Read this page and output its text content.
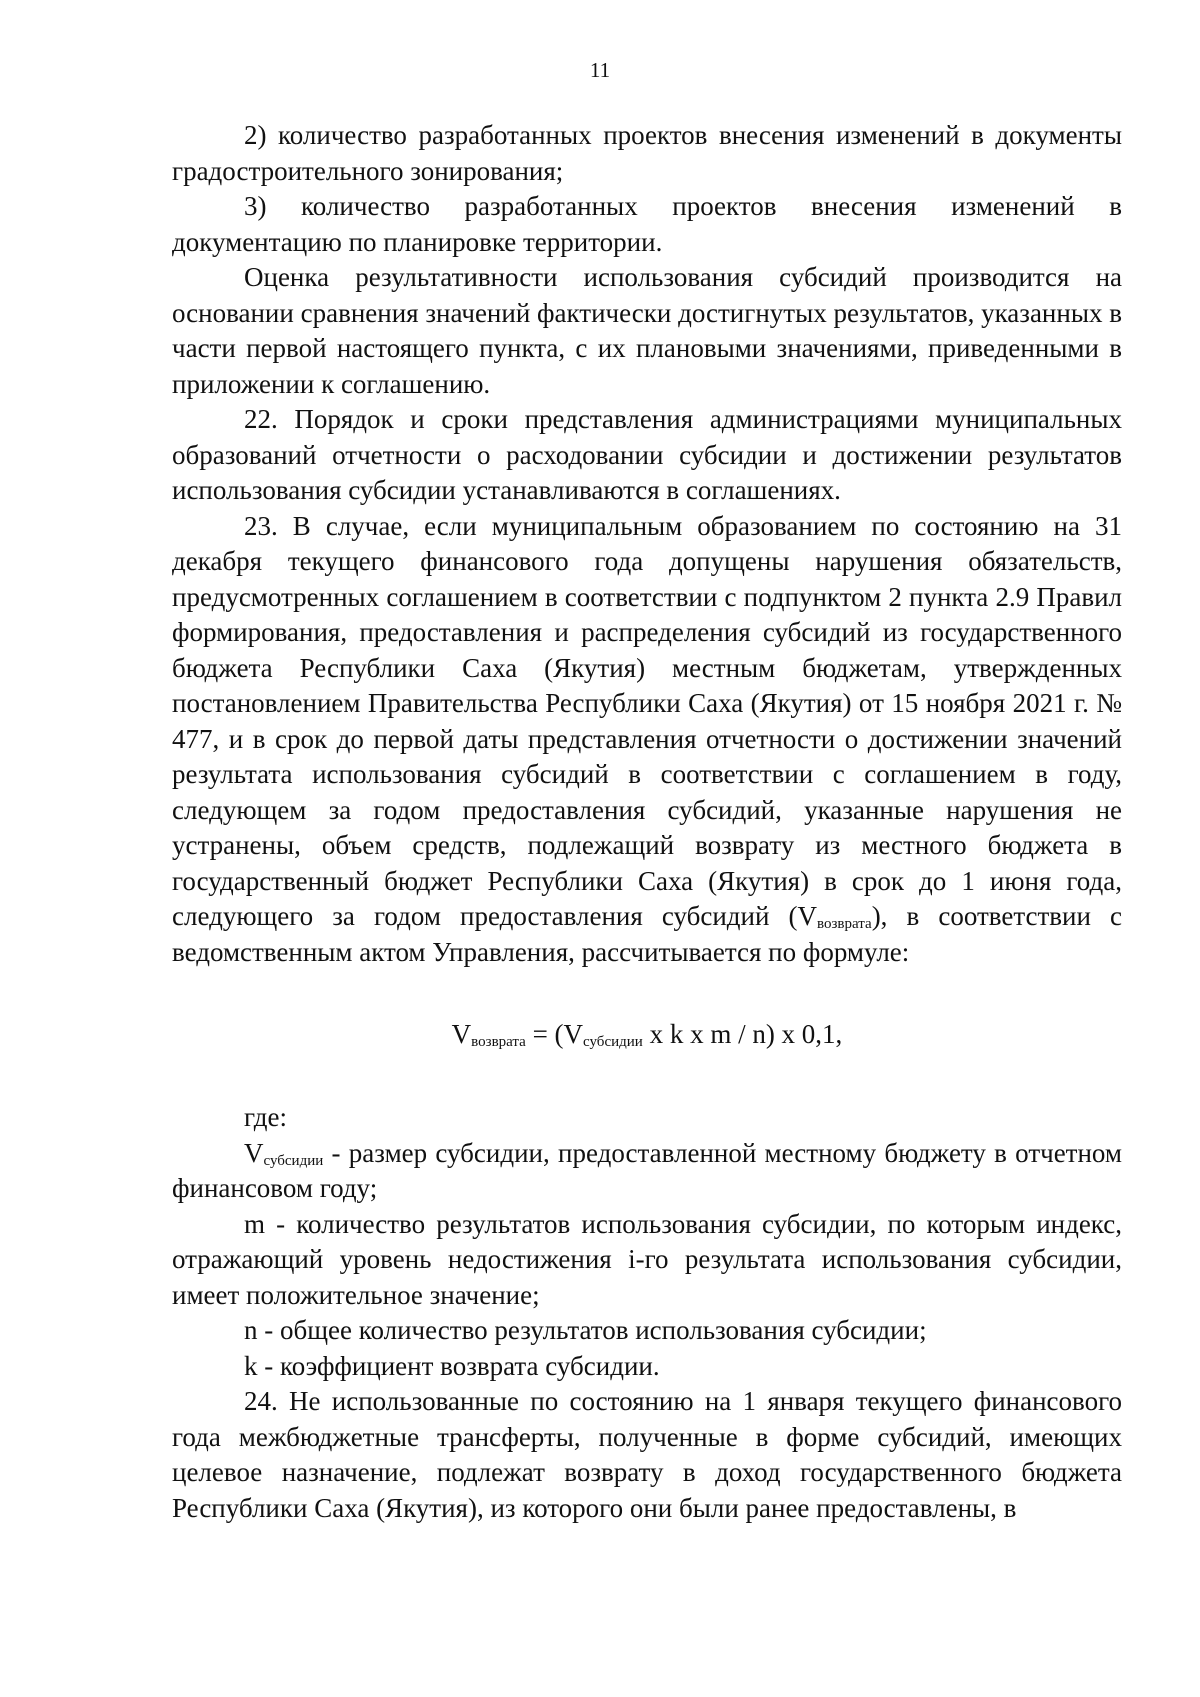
11

2) количество разработанных проектов внесения изменений в документы градостроительного зонирования;

3) количество разработанных проектов внесения изменений в документацию по планировке территории.

Оценка результативности использования субсидий производится на основании сравнения значений фактически достигнутых результатов, указанных в части первой настоящего пункта, с их плановыми значениями, приведенными в приложении к соглашению.

22. Порядок и сроки представления администрациями муниципальных образований отчетности о расходовании субсидии и достижении результатов использования субсидии устанавливаются в соглашениях.

23. В случае, если муниципальным образованием по состоянию на 31 декабря текущего финансового года допущены нарушения обязательств, предусмотренных соглашением в соответствии с подпунктом 2 пункта 2.9 Правил формирования, предоставления и распределения субсидий из государственного бюджета Республики Саха (Якутия) местным бюджетам, утвержденных постановлением Правительства Республики Саха (Якутия) от 15 ноября 2021 г. № 477, и в срок до первой даты представления отчетности о достижении значений результата использования субсидий в соответствии с соглашением в году, следующем за годом предоставления субсидий, указанные нарушения не устранены, объем средств, подлежащий возврату из местного бюджета в государственный бюджет Республики Саха (Якутия) в срок до 1 июня года, следующего за годом предоставления субсидий $(V_{возврата})$, в соответствии с ведомственным актом Управления, рассчитывается по формуле:

$V_{возврата} = (V_{субсидии}$ x k x m / n) x 0,1,

где:

$V_{субсидии}$ - размер субсидии, предоставленной местному бюджету в отчетном финансовом году;

m - количество результатов использования субсидии, по которым индекс, отражающий уровень недостижения i-го результата использования субсидии, имеет положительное значение;

n - общее количество результатов использования субсидии;

k - коэффициент возврата субсидии.

24. Не использованные по состоянию на 1 января текущего финансового года межбюджетные трансферты, полученные в форме субсидий, имеющих целевое назначение, подлежат возврату в доход государственного бюджета Республики Саха (Якутия), из которого они были ранее предоставлены, в
